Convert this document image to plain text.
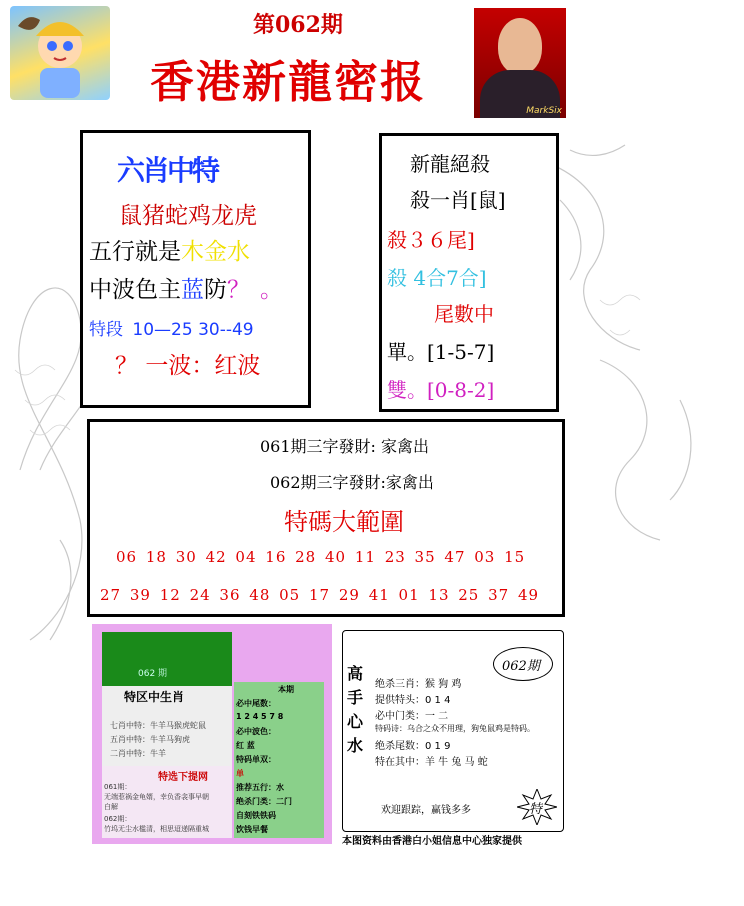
第062期
香港新龍密报
MarkSix
六肖中特
鼠猪蛇鸡龙虎
五行就是木金水
中波色主蓝防？ 。
特段 10—25 30--49
？ 一波：红波
新龍絕殺
殺一肖[鼠]
殺３６尾]
殺 4合7合]
尾數中
單。[1-5-7]
雙。[0-8-2]
061期三字發財: 家禽出
062期三字發財:家禽出
特碼大範圍
06 18 30 42 04 16 28 40 11 23 35 47 03 15
27 39 12 24 36 48 05 17 29 41 01 13 25 37 49
062 期
特区中生肖
七肖中特：牛羊马猴虎蛇鼠
五肖中特：牛羊马狗虎
二肖中特：牛羊
特选下提网
061期：
无端惹祸金龟婿，幸负香衾事早朝
白解
062期：
竹坞无尘水槛清，相思迢递隔重城
本期
必中尾数：
1 2 4 5 7 8
必中波色：
红 蓝
特码单双：
单
推荐五行：水
绝杀门类：二门
自刻铁铁码
饮钱早餐
高
手
心
水
062期
绝杀三肖：猴 狗 鸡
提供特头：0 1 4
必中门类：一 二
特码诗：乌合之众不用理，狗兔鼠鸡是特码。
绝杀尾数：0 1 9
特在其中：羊 牛 兔 马 蛇
欢迎跟踪，赢钱多多	特
本图资料由香港白小姐信息中心独家提供
